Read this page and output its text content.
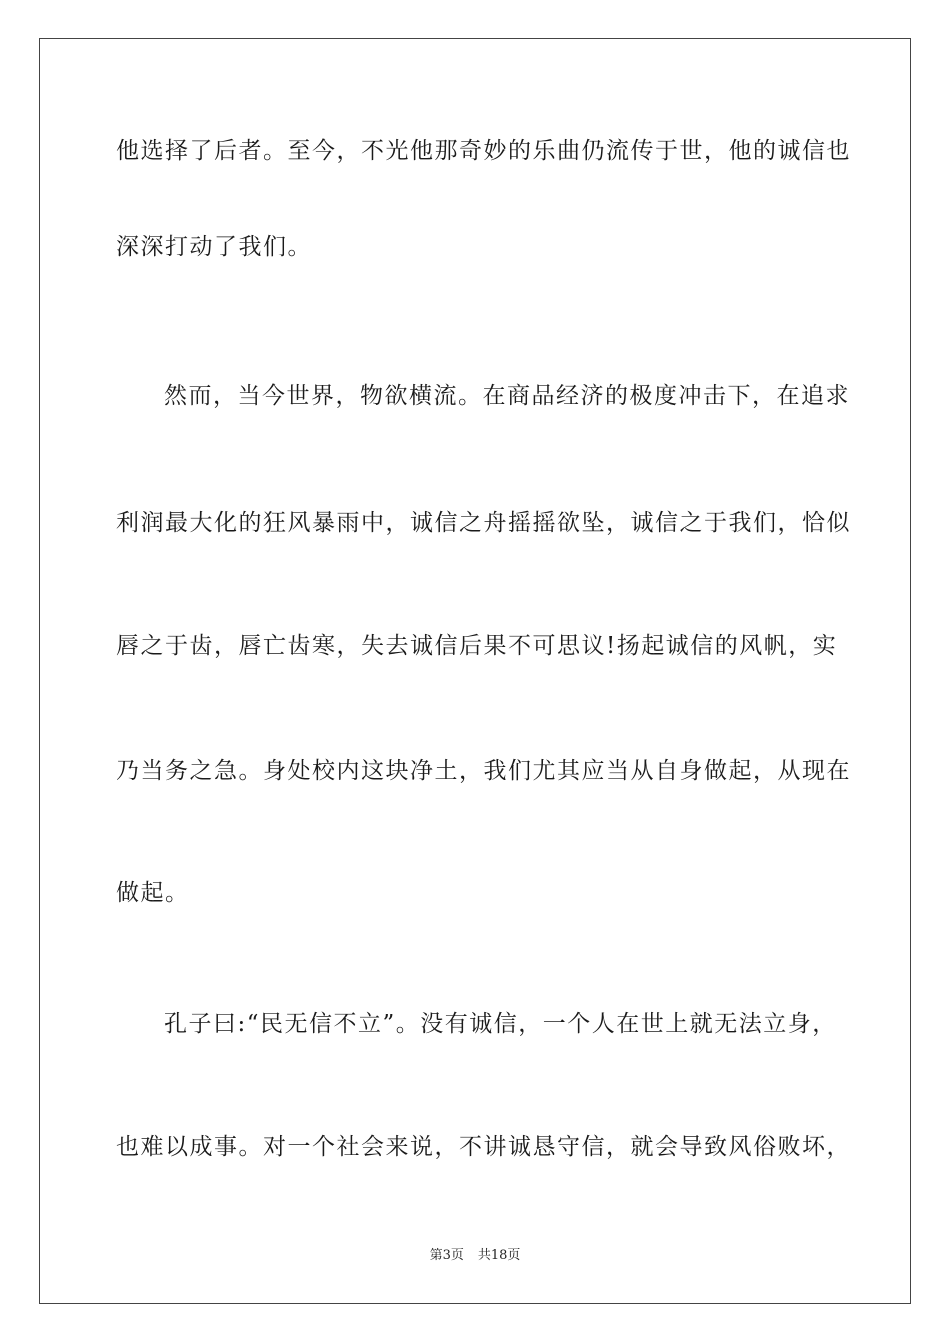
他选择了后者。至今，不光他那奇妙的乐曲仍流传于世，他的诚信也
深深打动了我们。
然而，当今世界，物欲横流。在商品经济的极度冲击下，在追求
利润最大化的狂风暴雨中，诚信之舟摇摇欲坠，诚信之于我们，恰似
唇之于齿，唇亡齿寒，失去诚信后果不可思议!扬起诚信的风帆，实
乃当务之急。身处校内这块净土，我们尤其应当从自身做起，从现在
做起。
孔子曰:“民无信不立”。没有诚信，一个人在世上就无法立身，
也难以成事。对一个社会来说，不讲诚恳守信，就会导致风俗败坏，
第3页 共18页
